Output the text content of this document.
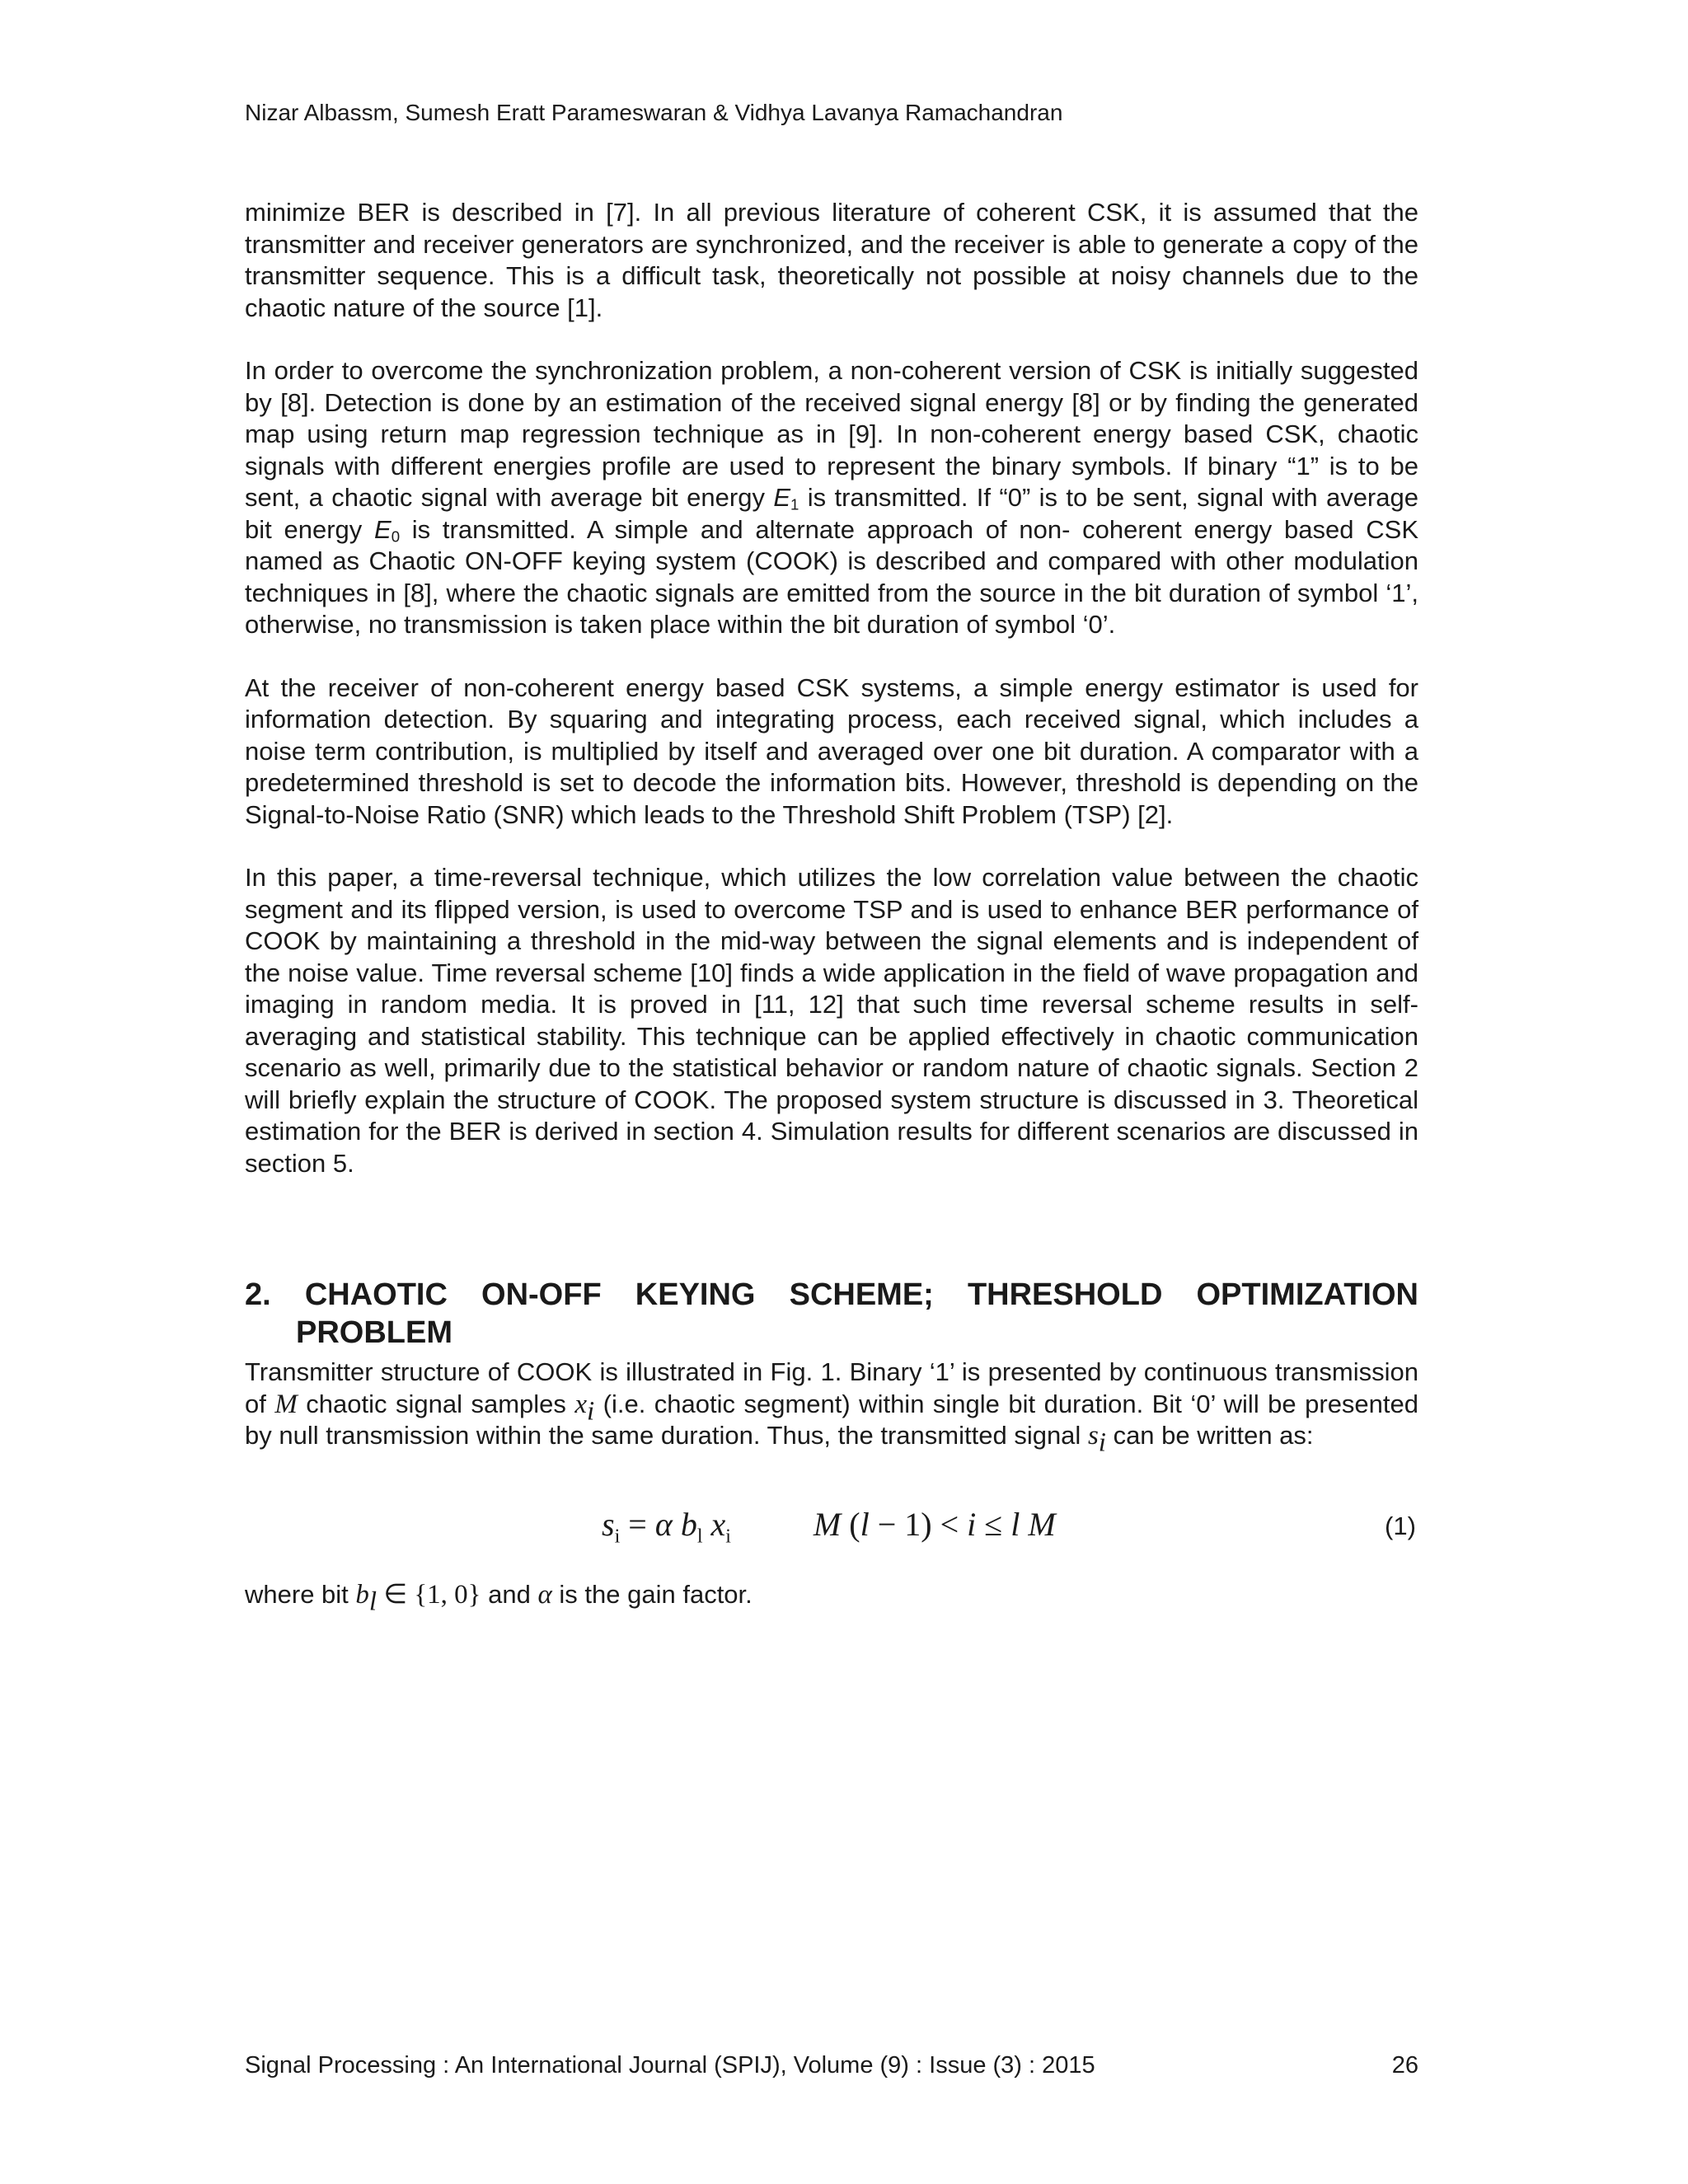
Nizar Albassm, Sumesh Eratt Parameswaran & Vidhya Lavanya Ramachandran

minimize BER is described in [7]. In all previous literature of coherent CSK, it is assumed that the transmitter and receiver generators are synchronized, and the receiver is able to generate a copy of the transmitter sequence. This is a difficult task, theoretically not possible at noisy channels due to the chaotic nature of the source [1].

In order to overcome the synchronization problem, a non-coherent version of CSK is initially suggested by [8]. Detection is done by an estimation of the received signal energy [8] or by finding the generated map using return map regression technique as in [9]. In non-coherent energy based CSK, chaotic signals with different energies profile are used to represent the binary symbols. If binary “1” is to be sent, a chaotic signal with average bit energy $E_1$ is transmitted. If “0” is to be sent, signal with average bit energy $E_0$ is transmitted. A simple and alternate approach of non- coherent energy based CSK named as Chaotic ON-OFF keying system (COOK) is described and compared with other modulation techniques in [8], where the chaotic signals are emitted from the source in the bit duration of symbol ‘1’, otherwise, no transmission is taken place within the bit duration of symbol ‘0’.

At the receiver of non-coherent energy based CSK systems, a simple energy estimator is used for information detection. By squaring and integrating process, each received signal, which includes a noise term contribution, is multiplied by itself and averaged over one bit duration. A comparator with a predetermined threshold is set to decode the information bits. However, threshold is depending on the Signal-to-Noise Ratio (SNR) which leads to the Threshold Shift Problem (TSP) [2].

In this paper, a time-reversal technique, which utilizes the low correlation value between the chaotic segment and its flipped version, is used to overcome TSP and is used to enhance BER performance of COOK by maintaining a threshold in the mid-way between the signal elements and is independent of the noise value. Time reversal scheme [10] finds a wide application in the field of wave propagation and imaging in random media. It is proved in [11, 12] that such time reversal scheme results in self-averaging and statistical stability. This technique can be applied effectively in chaotic communication scenario as well, primarily due to the statistical behavior or random nature of chaotic signals. Section 2 will briefly explain the structure of COOK. The proposed system structure is discussed in 3. Theoretical estimation for the BER is derived in section 4. Simulation results for different scenarios are discussed in section 5.

2. CHAOTIC ON-OFF KEYING SCHEME; THRESHOLD OPTIMIZATION
PROBLEM

Transmitter structure of COOK is illustrated in Fig. 1. Binary ‘1’ is presented by continuous transmission of M chaotic signal samples xi (i.e. chaotic segment) within single bit duration. Bit ‘0’ will be presented by null transmission within the same duration. Thus, the transmitted signal si can be written as:

$s_i = \alpha$ $b_l$ $x_i$	M (l − 1) < i ≤ l M	(1)
where bit bl ∈ {1, 0} and α is the gain factor.
Signal Processing : An International Journal (SPIJ), Volume (9) : Issue (3) : 2015	26
